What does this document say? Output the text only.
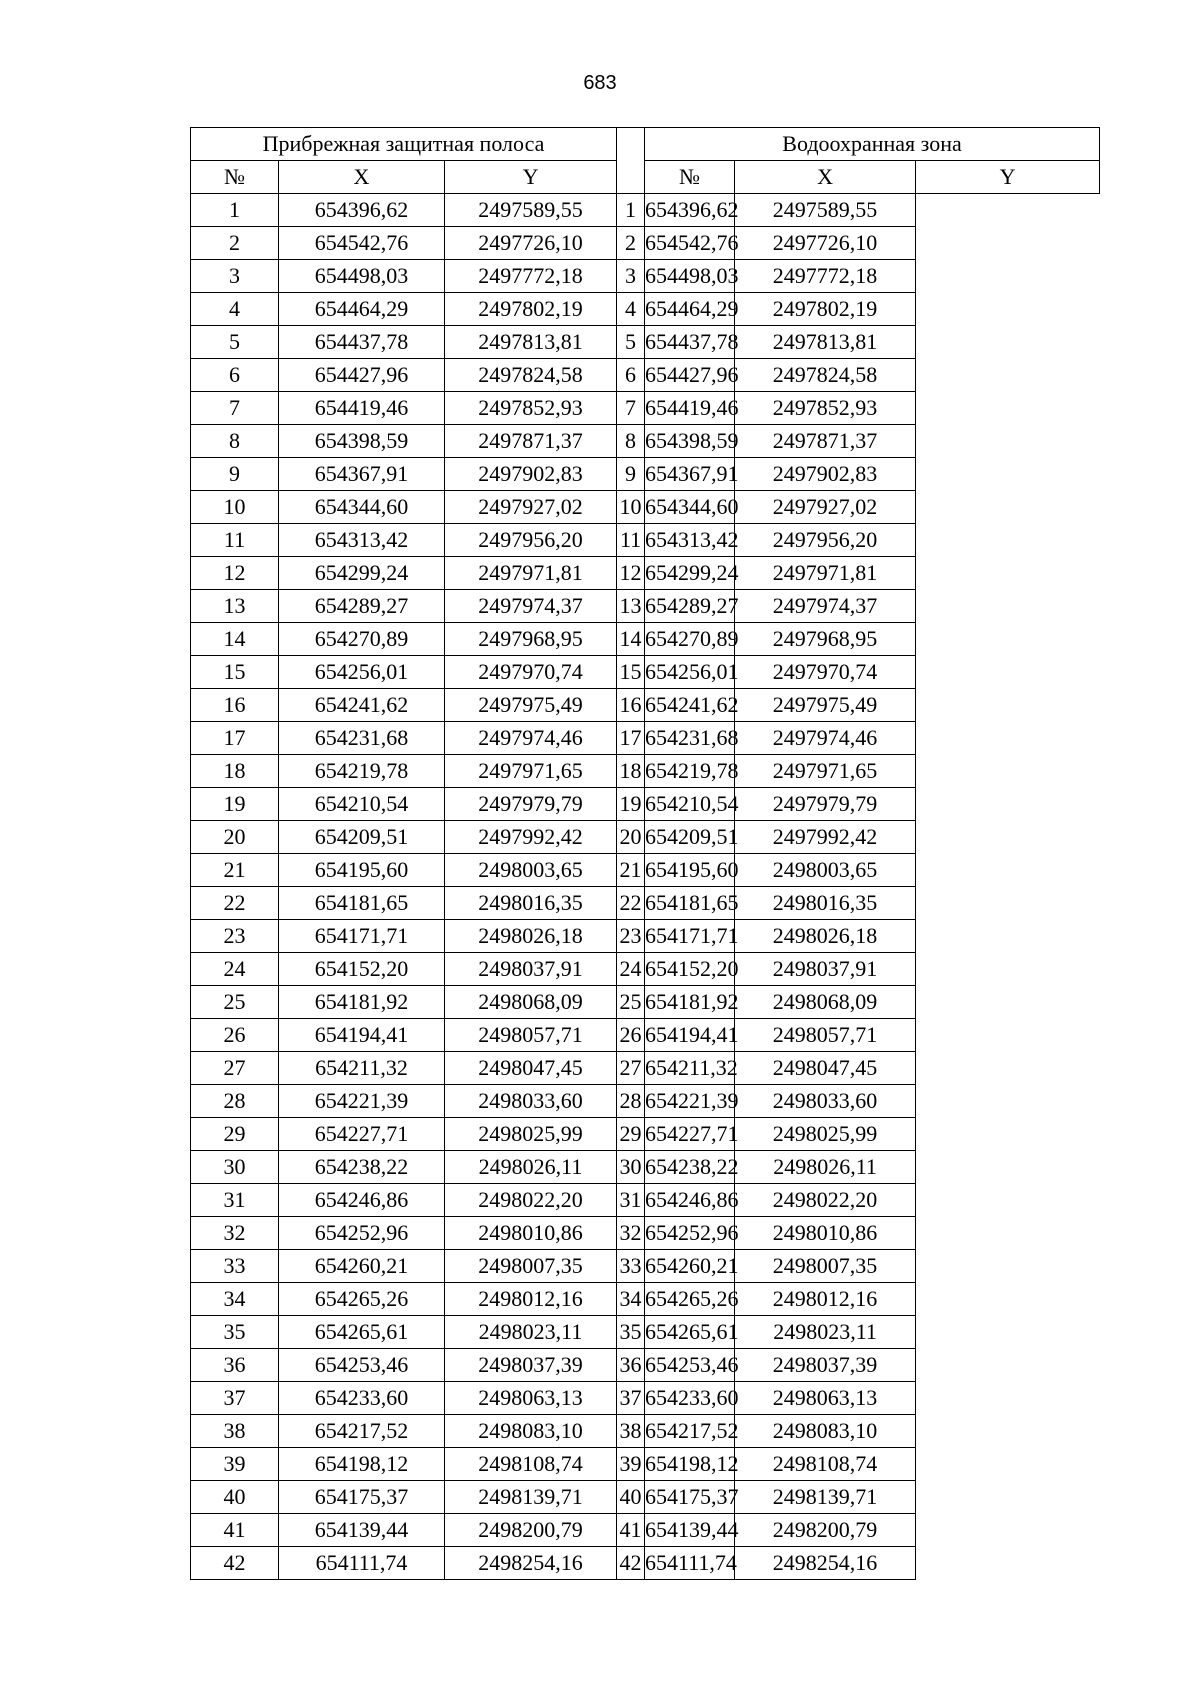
683
Прибрежная защитная полоса				Водоохранная зона		
№	X	Y		№	X	Y
1	654396,62	2497589,55	1	654396,62	2497589,55	
2	654542,76	2497726,10	2	654542,76	2497726,10	
3	654498,03	2497772,18	3	654498,03	2497772,18	
4	654464,29	2497802,19	4	654464,29	2497802,19	
5	654437,78	2497813,81	5	654437,78	2497813,81	
6	654427,96	2497824,58	6	654427,96	2497824,58	
7	654419,46	2497852,93	7	654419,46	2497852,93	
8	654398,59	2497871,37	8	654398,59	2497871,37	
9	654367,91	2497902,83	9	654367,91	2497902,83	
10	654344,60	2497927,02	10	654344,60	2497927,02	
11	654313,42	2497956,20	11	654313,42	2497956,20	
12	654299,24	2497971,81	12	654299,24	2497971,81	
13	654289,27	2497974,37	13	654289,27	2497974,37	
14	654270,89	2497968,95	14	654270,89	2497968,95	
15	654256,01	2497970,74	15	654256,01	2497970,74	
16	654241,62	2497975,49	16	654241,62	2497975,49	
17	654231,68	2497974,46	17	654231,68	2497974,46	
18	654219,78	2497971,65	18	654219,78	2497971,65	
19	654210,54	2497979,79	19	654210,54	2497979,79	
20	654209,51	2497992,42	20	654209,51	2497992,42	
21	654195,60	2498003,65	21	654195,60	2498003,65	
22	654181,65	2498016,35	22	654181,65	2498016,35	
23	654171,71	2498026,18	23	654171,71	2498026,18	
24	654152,20	2498037,91	24	654152,20	2498037,91	
25	654181,92	2498068,09	25	654181,92	2498068,09	
26	654194,41	2498057,71	26	654194,41	2498057,71	
27	654211,32	2498047,45	27	654211,32	2498047,45	
28	654221,39	2498033,60	28	654221,39	2498033,60	
29	654227,71	2498025,99	29	654227,71	2498025,99	
30	654238,22	2498026,11	30	654238,22	2498026,11	
31	654246,86	2498022,20	31	654246,86	2498022,20	
32	654252,96	2498010,86	32	654252,96	2498010,86	
33	654260,21	2498007,35	33	654260,21	2498007,35	
34	654265,26	2498012,16	34	654265,26	2498012,16	
35	654265,61	2498023,11	35	654265,61	2498023,11	
36	654253,46	2498037,39	36	654253,46	2498037,39	
37	654233,60	2498063,13	37	654233,60	2498063,13	
38	654217,52	2498083,10	38	654217,52	2498083,10	
39	654198,12	2498108,74	39	654198,12	2498108,74	
40	654175,37	2498139,71	40	654175,37	2498139,71	
41	654139,44	2498200,79	41	654139,44	2498200,79	
42	654111,74	2498254,16	42	654111,74	2498254,16	
